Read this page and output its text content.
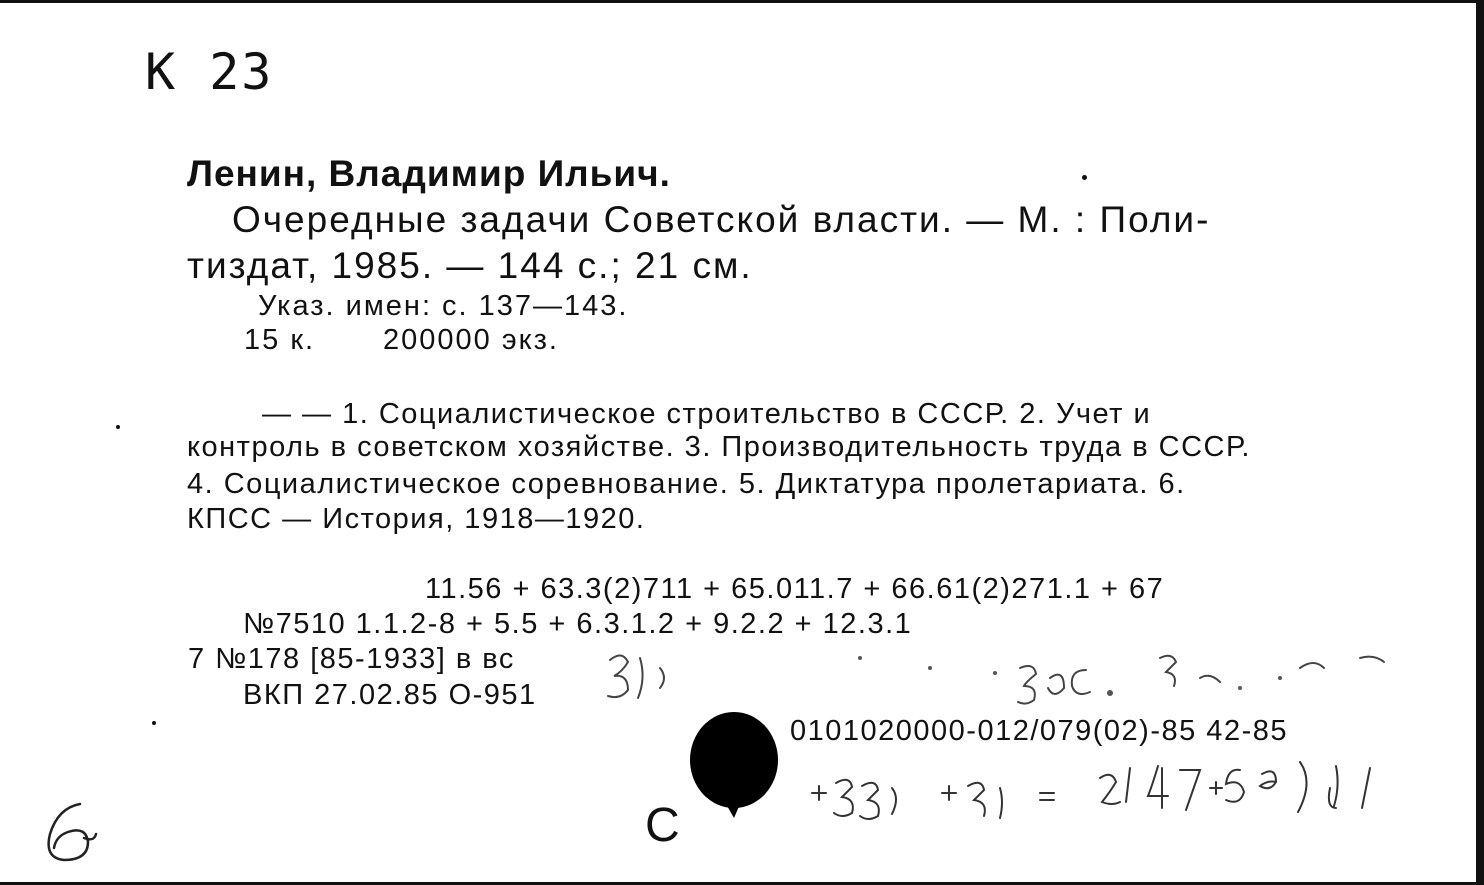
К 23
Ленин, Владимир Ильич.
Очередные задачи Советской власти. — М. : Поли-
тиздат, 1985. — 144 с.; 21 см.
Указ. имен: с. 137—143.
15 к. 200000 экз.
— — 1. Социалистическое строительство в СССР. 2. Учет и
контроль в советском хозяйстве. 3. Производительность труда в СССР.
4. Социалистическое соревнование. 5. Диктатура пролетариата. 6.
КПСС — История, 1918—1920.
11.56 + 63.3(2)711 + 65.011.7 + 66.61(2)271.1 + 67
№7510 1.1.2-8 + 5.5 + 6.3.1.2 + 9.2.2 + 12.3.1
7 №178 [85-1933] в вс
ВКП 27.02.85 О-951
0101020000-012/079(02)-85 42-85
С
